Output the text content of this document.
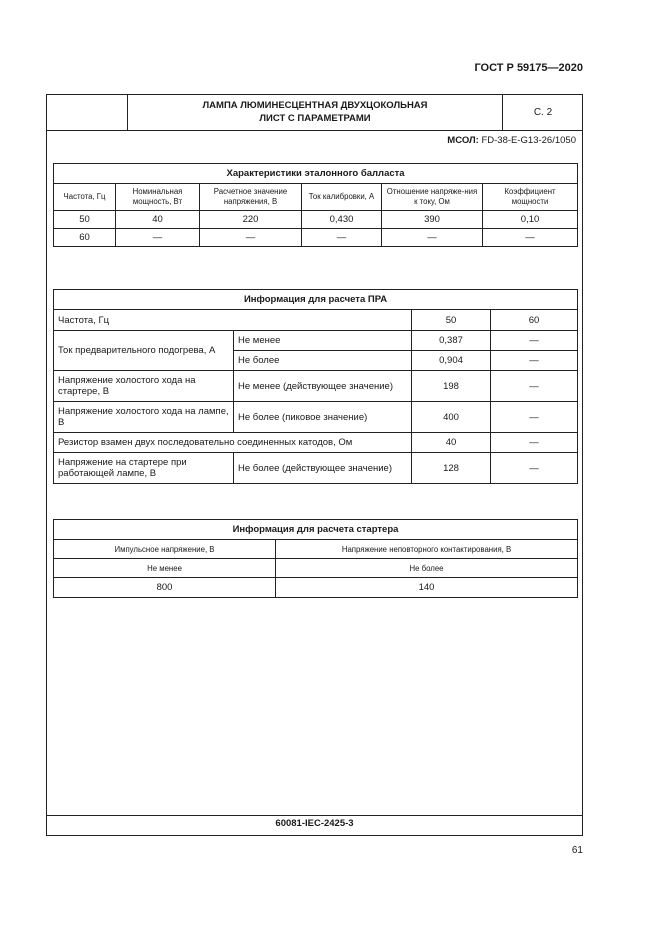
ГОСТ Р 59175—2020
ЛАМПА ЛЮМИНЕСЦЕНТНАЯ ДВУХЦОКОЛЬНАЯ
ЛИСТ С ПАРАМЕТРАМИ
С. 2
МСОЛ: FD-38-E-G13-26/1050
Характеристики эталонного балласта					
Частота, Гц	Номинальная мощность, Вт	Расчетное значение напряжения, В	Ток калибровки, А	Отношение напряже-ния к току, Ом	Коэффициент мощности
50	40	220	0,430	390	0,10
60	—	—	—	—	—
Информация для расчета ПРА			
Частота, Гц		50	60
Ток предварительного подогрева, А	Не менее	0,387	—
	Не более	0,904	—
Напряжение холостого хода на стартере, В	Не менее (действующее значение)	198	—
Напряжение холостого хода на лампе, В	Не более (пиковое значение)	400	—
Резистор взамен двух последовательно соединенных катодов, Ом		40	—
Напряжение на стартере при работающей лампе, В	Не более (действующее значение)	128	—
Информация для расчета стартера	
Импульсное напряжение, В	Напряжение неповторного контактирования, В
Не менее	Не более
800	140
60081-IEC-2425-3
61
